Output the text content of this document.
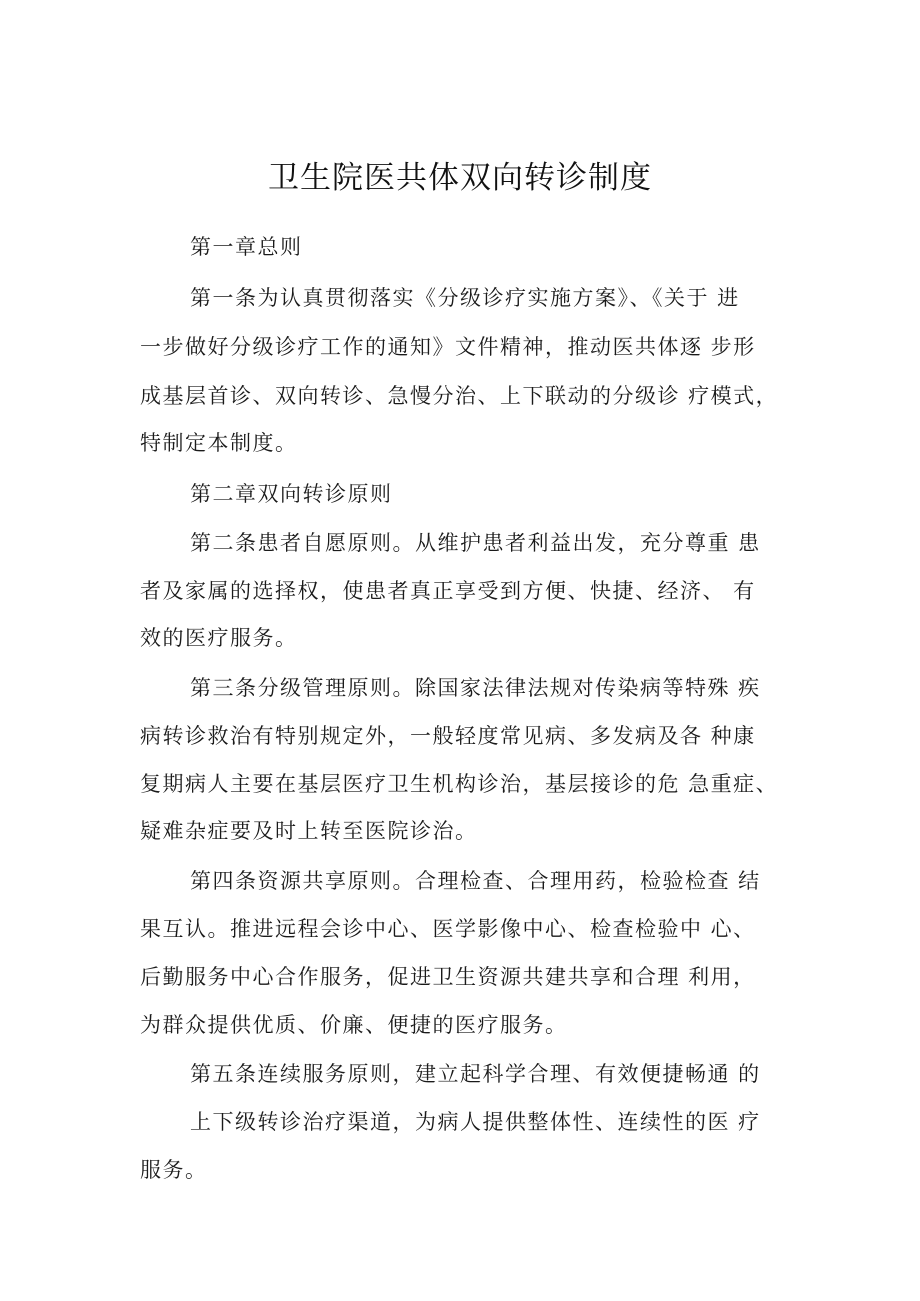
卫生院医共体双向转诊制度
第一章总则
第一条为认真贯彻落实《分级诊疗实施方案》、《关于 进
一步做好分级诊疗工作的通知》文件精神，推动医共体逐 步形
成基层首诊、双向转诊、急慢分治、上下联动的分级诊 疗模式，
特制定本制度。
第二章双向转诊原则
第二条患者自愿原则。从维护患者利益出发，充分尊重 患
者及家属的选择权，使患者真正享受到方便、快捷、经济、 有
效的医疗服务。
第三条分级管理原则。除国家法律法规对传染病等特殊 疾
病转诊救治有特别规定外，一般轻度常见病、多发病及各 种康
复期病人主要在基层医疗卫生机构诊治，基层接诊的危 急重症、
疑难杂症要及时上转至医院诊治。
第四条资源共享原则。合理检查、合理用药，检验检查 结
果互认。推进远程会诊中心、医学影像中心、检查检验中 心、
后勤服务中心合作服务，促进卫生资源共建共享和合理 利用，
为群众提供优质、价廉、便捷的医疗服务。
第五条连续服务原则，建立起科学合理、有效便捷畅通 的
上下级转诊治疗渠道，为病人提供整体性、连续性的医 疗
服务。
